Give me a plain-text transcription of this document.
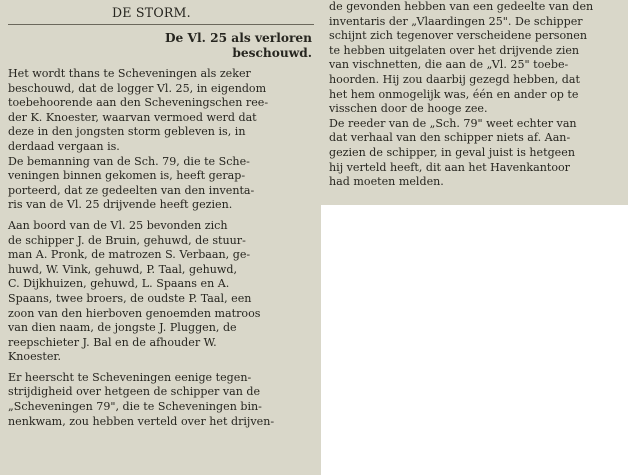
DE STORM.
De Vl. 25 als verloren
beschouwd.

Het wordt thans te Scheveningen als zeker
beschouwd, dat de logger Vl. 25, in eigendom
toebehoorende aan den Scheveningschen ree-
der K. Knoester, waarvan vermoed werd dat
deze in den jongsten storm gebleven is, in
derdaad vergaan is.

De bemanning van de Sch. 79, die te Sche-
veningen binnen gekomen is, heeft gerap-
porteerd, dat ze gedeelten van den inventa-
ris van de Vl. 25 drijvende heeft gezien.

Aan boord van de Vl. 25 bevonden zich
de schipper J. de Bruin, gehuwd, de stuur-
man A. Pronk, de matrozen S. Verbaan, ge-
huwd, W. Vink, gehuwd, P. Taal, gehuwd,
C. Dijkhuizen, gehuwd, L. Spaans en A.
Spaans, twee broers, de oudste P. Taal, een
zoon van den hierboven genoemden matroos
van dien naam, de jongste J. Pluggen, de
reepschieter J. Bal en de afhouder W.
Knoester.

Er heerscht te Scheveningen eenige tegen-
strijdigheid over hetgeen de schipper van de
„Scheveningen 79", die te Scheveningen bin-
nenkwam, zou hebben verteld over het drijven-

de gevonden hebben van een gedeelte van den
inventaris der „Vlaardingen 25". De schipper
schijnt zich tegenover verscheidene personen
te hebben uitgelaten over het drijvende zien
van vischnetten, die aan de „Vl. 25" toebe-
hoorden. Hij zou daarbij gezegd hebben, dat
het hem onmogelijk was, één en ander op te
visschen door de hooge zee.

De reeder van de „Sch. 79" weet echter van
dat verhaal van den schipper niets af. Aan-
gezien de schipper, in geval juist is hetgeen
hij verteld heeft, dit aan het Havenkantoor
had moeten melden.
